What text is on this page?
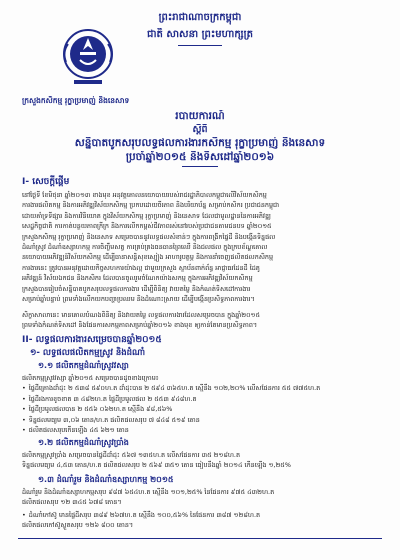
ព្រះរាជាណាចក្រកម្ពុជា
ជាតិ សាសនា ព្រះមហាក្សត្រ
ក្រសួងកសិកម្ម រុក្ខាប្រមាញ់ និងនេសាទ
របាយការណ៍
ស្តីពី
សន្និបាតបូកសរុបលទ្ធផលការងារកសិកម្ម រុក្ខាប្រមាញ់ និងនេសាទ
ប្រចាំឆ្នាំ២០១៥ និងទិសដៅឆ្នាំ២០១៦
I- សេចក្តីផ្តើម
នៅថ្ងៃទី ខែមិថុនា ឆ្នាំ២០១៣ ខាងមុខ អនុវត្តគោលនយោបាយរបស់រាជរដ្ឋាភិបាលកម្ពុជាលើវិស័យកសិកម្ម
ការងារផលិតកម្ម និងការអភិវឌ្ឍវិស័យកសិកម្ម ប្រកបដោយចីរភាព និងបរិយាប័ន្ន សម្រាប់កសិករ ប្រជាជនកម្ពុជា
ដោយគាំទ្រទីផ្សារ និងការវិនិយោគ ក្នុងវិស័យកសិកម្ម រុក្ខាប្រមាញ់ និងនេសាទ ដែលជាមូលដ្ឋាននៃការអភិវឌ្ឍ
សេដ្ឋកិច្ចជាតិ ការកាត់បន្ថយភាពក្រីក្រ និងការលើកកម្ពស់ជីវភាពរស់នៅរបស់ប្រជាជនតាមជនបទ ឆ្នាំ២០១៥
ក្រសួងកសិកម្ម រុក្ខាប្រមាញ់ និងនេសាទ សម្រេចបាននូវលទ្ធផលសំខាន់ៗ ក្នុងការពង្រីកផ្ទៃដី និងបង្កើនទិន្នផល
ដំណាំស្រូវ ដំណាំឧស្សាហកម្ម ការចិញ្ចឹមសត្វ ការគ្រប់គ្រងធនធានព្រៃឈើ និងជលផល ក្នុងក្របខ័ណ្ឌគោល
នយោបាយអភិវឌ្ឍន៍វិស័យកសិកម្ម ដើម្បីធានាសន្តិសុខស្បៀង អាហារូបត្ថម្ភ និងការនាំចេញផលិតផលកសិកម្ម
ការងារនេះ ត្រូវបានអនុវត្តដោយកិច្ចសហការយ៉ាងល្អ ជាមួយក្រសួង ស្ថាប័នពាក់ព័ន្ធ អាជ្ញាធរដែនដី ដៃគូ
អភិវឌ្ឍន៍ វិស័យឯកជន និងកសិករ ដែលបានចូលរួមចំណែកយ៉ាងសកម្ម ក្នុងការអភិវឌ្ឍវិស័យកសិកម្ម
ក្រសួងបានរៀបចំសន្និបាតបូកសរុបលទ្ធផលការងារ ដើម្បីពិនិត្យ វាយតម្លៃ និងកំណត់ទិសដៅការងារ
សម្រាប់ឆ្នាំបន្ទាប់ ព្រមទាំងលើកយកបញ្ហាប្រឈម និងដំណោះស្រាយ ដើម្បីបង្កើនប្រសិទ្ធភាពការងារ។
សិក្ខាសាលានេះ មានគោលបំណងពិនិត្យ និងវាយតម្លៃ លទ្ធផលការងារដែលសម្រេចបាន ក្នុងឆ្នាំ២០១៥
ព្រមទាំងកំណត់ទិសដៅ និងផែនការសកម្មភាពសម្រាប់ឆ្នាំ២០១៦ ខាងមុខ ឲ្យកាន់តែមានប្រសិទ្ធភាព។
II- លទ្ធផលការងារសម្រេចបានឆ្នាំ២០១៥
១- លទ្ធផលផលិតកម្មស្រូវ និងដំណាំ
១.១ ផលិតកម្មដំណាំស្រូវវស្សា
ផលិតកម្មស្រូវវស្សា ឆ្នាំ២០១៥ សម្រេចបានដូចខាងក្រោម៖
• ផ្ទៃដីគ្រោងដាំដុះ ២ ៥៣៨ ៥៩០ហ.ត ដាំដុះបាន ២ ៥៩៤ ៣៦៥ហ.ត ស្មើនឹង ១០២,២០% លើសផែនការ ៥៥ ៧៧៥ហ.ត
• ផ្ទៃដីរងការខូចខាត ៣ ៤៨២ហ.ត ផ្ទៃដីប្រមូលផល ២ ៥៥៣ ៩៤៨ហ.ត
• ផ្ទៃដីប្រមូលផលបាន ២ ៥៥៦ ០៦២ហ.ត ស្មើនឹង ៩៨,៥៦%
• ទិន្នផលមធ្យម ៣,០៦ តោន/ហ.ត ផលិតផលសរុប ៧ ៨៤៨ ៥១៩ តោន
• ផលិតផលសរុបកើនឡើង ៤៥ ៦២១ តោន
១.២ ផលិតកម្មដំណាំស្រូវប្រាំង
ផលិតកម្មស្រូវប្រាំង សម្រេចបានផ្ទៃដីដាំដុះ ៥៦៧ ១៣៥ហ.ត លើសផែនការ ៣៥ ២១៨ហ.ត
ទិន្នផលមធ្យម ៤,៥៣ តោន/ហ.ត ផលិតផលសរុប ២ ៥៦៩ ៣៥១ តោន ធៀបនឹងឆ្នាំ ២០១៤ កើនឡើង ១,២៥%
១.៣ ដំណាំរួម និងដំណាំឧស្សាហកម្ម ២០១៥
ដំណាំរួម និងដំណាំឧស្សាហកម្មសរុប ៩៨៧ ៦៥៤ហ.ត ស្មើនឹង ១០១,២៥% នៃផែនការ ៩៧៥ ៤៣២ហ.ត
ផលិតផលសរុប ១២ ៣៤៥ ៦៧៨ តោន។
• ដំណាំកៅស៊ូ មានផ្ទៃដីសរុប ៣៨៩ ២៦៧ហ.ត ស្មើនឹង ១០០,៥៦% នៃផែនការ ៣៨៧ ១២៨ហ.ត
ផលិតផលកៅស៊ូស្ងួតសរុប ១២៦ ៨០០ តោន។
